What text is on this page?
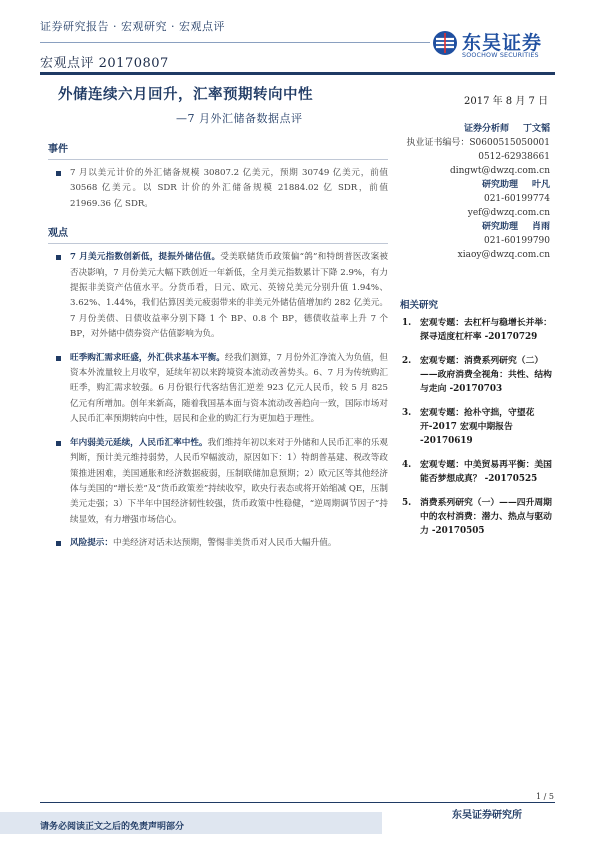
证券研究报告 · 宏观研究 · 宏观点评
东吴证券
SOOCHOW SECURITIES
宏观点评 20170807
外储连续六月回升，汇率预期转向中性
—7 月外汇储备数据点评
2017 年 8 月 7 日
证券分析师 丁文韬
执业证书编号：S0600515050001
0512-62938661
dingwt@dwzq.com.cn
研究助理 叶凡
021-60199774
yef@dwzq.com.cn
研究助理 肖雨
021-60199790
xiaoy@dwzq.com.cn
相关研究
1. 宏观专题：去杠杆与稳增长并举：探寻适度杠杆率 -20170729
2. 宏观专题：消费系列研究（二）——政府消费全视角：共性、结构与走向 -20170703
3. 宏观专题：抢朴守拙，守望花开-2017 宏观中期报告 -20170619
4. 宏观专题：中美贸易再平衡：美国能否梦想成真？ -20170525
5. 消费系列研究（一）——四升周期中的农村消费：潜力、热点与驱动力 -20170505
事件
7 月以美元计价的外汇储备规模 30807.2 亿美元，预期 30749 亿美元，前值 30568 亿美元。以 SDR 计价的外汇储备规模 21884.02 亿 SDR，前值 21969.36 亿 SDR。
观点
7 月美元指数创新低，提振外储估值。受美联储货币政策偏“鸽”和特朗普医改案被否决影响，7 月份美元大幅下跌创近一年新低，全月美元指数累计下降 2.9%，有力提振非美资产估值水平。分货币看，日元、欧元、英镑兑美元分别升值 1.94%、3.62%、1.44%，我们估算因美元疲弱带来的非美元外储估值增加约 282 亿美元。7 月份美债、日债收益率分别下降 1 个 BP、0.8 个 BP，德债收益率上升 7 个 BP，对外储中债券资产估值影响为负。
旺季购汇需求旺盛，外汇供求基本平衡。经我们测算，7 月份外汇净流入为负值，但资本外流量较上月收窄，延续年初以来跨境资本流动改善势头。6、7 月为传统购汇旺季，购汇需求较强。6 月份银行代客结售汇逆差 923 亿元人民币，较 5 月 825 亿元有所增加。创年来新高，随着我国基本面与资本流动改善趋向一致，国际市场对人民币汇率预期转向中性，居民和企业的购汇行为更加趋于理性。
年内弱美元延续，人民币汇率中性。我们维持年初以来对于外储和人民币汇率的乐观判断，预计美元维持弱势，人民币窄幅波动，原因如下：1）特朗普基建、税改等政策推进困难，美国通胀和经济数据疲弱，压制联储加息预期；2）欧元区等其他经济体与美国的“增长差”及“货币政策差”持续收窄，欧央行表态或将开始缩减 QE，压制美元走强；3）下半年中国经济韧性较强，货币政策中性稳健，“逆周期调节因子”持续显效，有力增强市场信心。
风险提示：中美经济对话未达预期，警惕非美货币对人民币大幅升值。
1 / 5
请务必阅读正文之后的免责声明部分
东吴证券研究所
